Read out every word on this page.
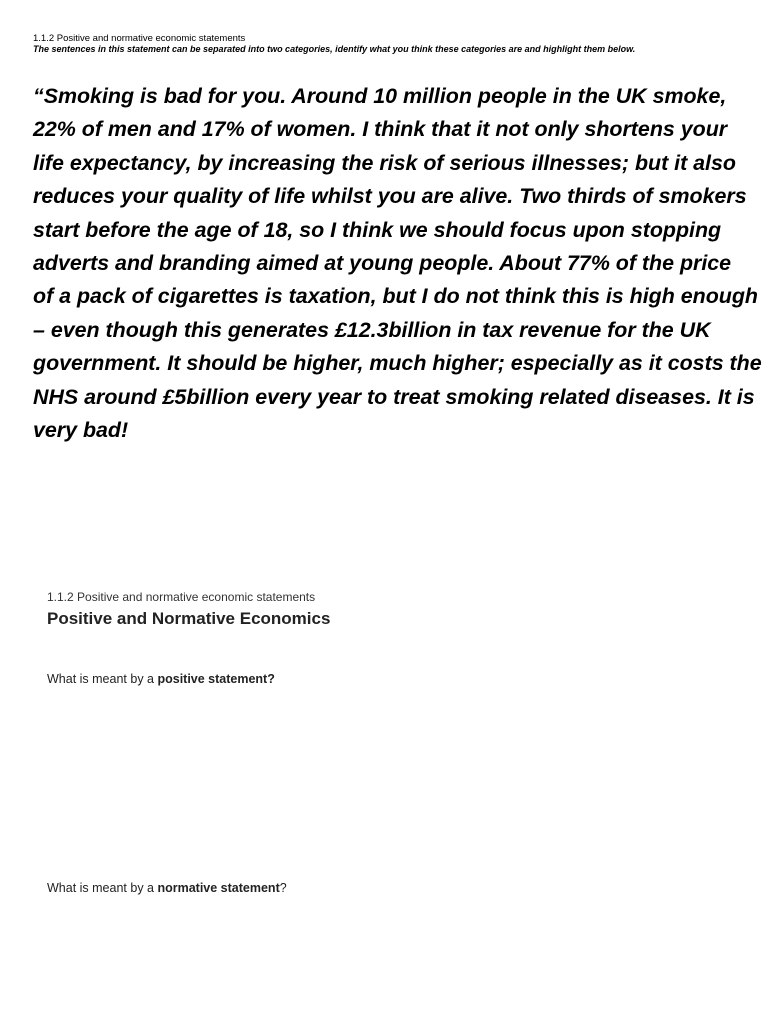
1.1.2 Positive and normative economic statements
The sentences in this statement can be separated into two categories, identify what you think these categories are and highlight them below.
“Smoking is bad for you. Around 10 million people in the UK smoke,
22% of men and 17% of women. I think that it not only shortens your
life expectancy, by increasing the risk of serious illnesses; but it also
reduces your quality of life whilst you are alive. Two thirds of smokers
start before the age of 18, so I think we should focus upon stopping
adverts and branding aimed at young people. About 77% of the price
of a pack of cigarettes is taxation, but I do not think this is high enough
– even though this generates £12.3billion in tax revenue for the UK
government. It should be higher, much higher; especially as it costs the
NHS around £5billion every year to treat smoking related diseases. It is
very bad!
1.1.2 Positive and normative economic statements
Positive and Normative Economics
What is meant by a positive statement?
What is meant by a normative statement?
